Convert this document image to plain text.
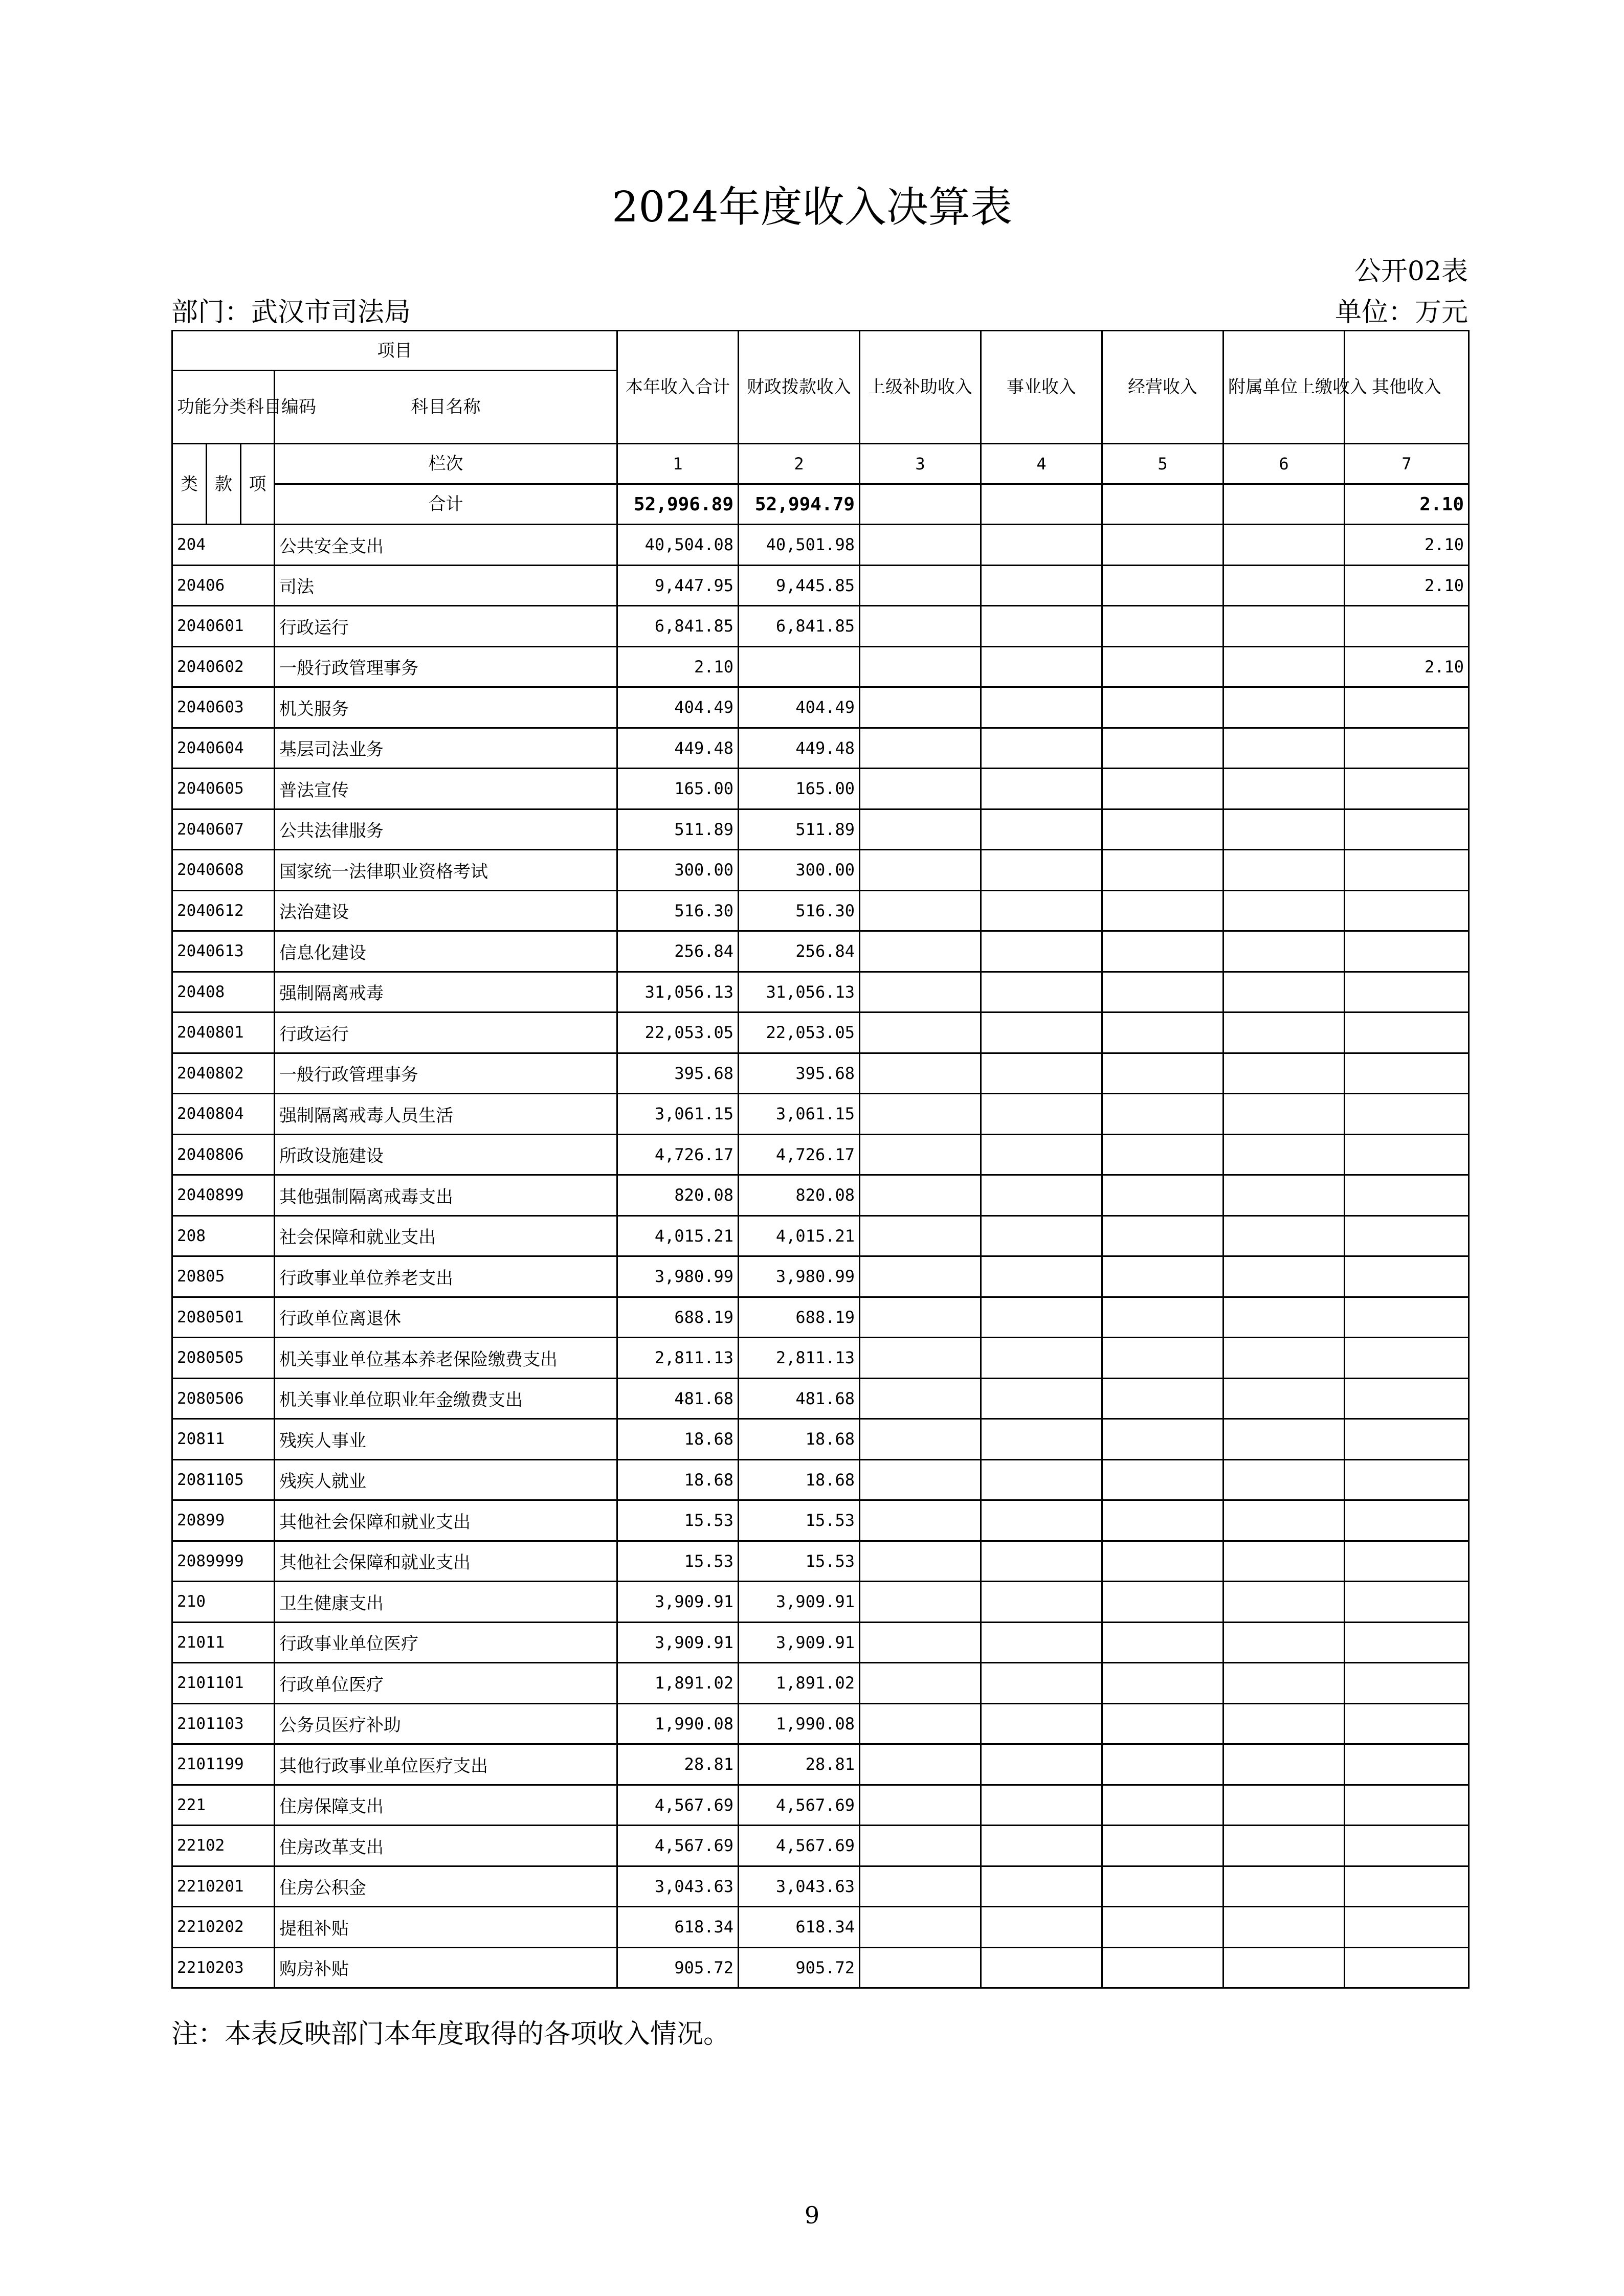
2024年度收入决算表
公开02表
部门：武汉市司法局	单位：万元
项目				本年收入合计	财政拨款收入	上级补助收入	事业收入	经营收入	附属单位上缴收入	其他收入
功能分类科目编码			科目名称							
类	款	项	栏次	1	2	3	4	5	6	7
			合计	52,996.89	52,994.79					2.10
204			公共安全支出	40,504.08	40,501.98					2.10
20406			司法	9,447.95	9,445.85					2.10
2040601			行政运行	6,841.85	6,841.85					
2040602			一般行政管理事务	2.10						2.10
2040603			机关服务	404.49	404.49					
2040604			基层司法业务	449.48	449.48					
2040605			普法宣传	165.00	165.00					
2040607			公共法律服务	511.89	511.89					
2040608			国家统一法律职业资格考试	300.00	300.00					
2040612			法治建设	516.30	516.30					
2040613			信息化建设	256.84	256.84					
20408			强制隔离戒毒	31,056.13	31,056.13					
2040801			行政运行	22,053.05	22,053.05					
2040802			一般行政管理事务	395.68	395.68					
2040804			强制隔离戒毒人员生活	3,061.15	3,061.15					
2040806			所政设施建设	4,726.17	4,726.17					
2040899			其他强制隔离戒毒支出	820.08	820.08					
208			社会保障和就业支出	4,015.21	4,015.21					
20805			行政事业单位养老支出	3,980.99	3,980.99					
2080501			行政单位离退休	688.19	688.19					
2080505			机关事业单位基本养老保险缴费支出	2,811.13	2,811.13					
2080506			机关事业单位职业年金缴费支出	481.68	481.68					
20811			残疾人事业	18.68	18.68					
2081105			残疾人就业	18.68	18.68					
20899			其他社会保障和就业支出	15.53	15.53					
2089999			其他社会保障和就业支出	15.53	15.53					
210			卫生健康支出	3,909.91	3,909.91					
21011			行政事业单位医疗	3,909.91	3,909.91					
2101101			行政单位医疗	1,891.02	1,891.02					
2101103			公务员医疗补助	1,990.08	1,990.08					
2101199			其他行政事业单位医疗支出	28.81	28.81					
221			住房保障支出	4,567.69	4,567.69					
22102			住房改革支出	4,567.69	4,567.69					
2210201			住房公积金	3,043.63	3,043.63					
2210202			提租补贴	618.34	618.34					
2210203			购房补贴	905.72	905.72					
注：本表反映部门本年度取得的各项收入情况。
9
